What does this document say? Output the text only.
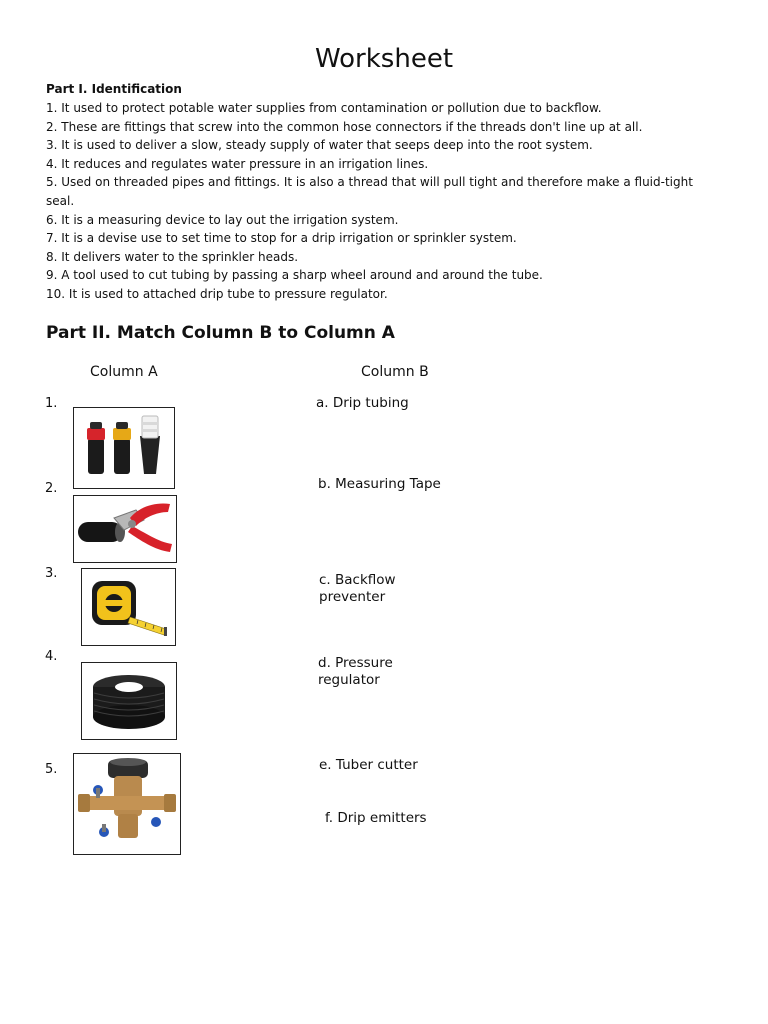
Worksheet
Part I. Identification
1. It used to protect potable water supplies from contamination or pollution due to backflow.
2. These are fittings that screw into the common hose connectors if the threads don't line up at all.
3. It is used to deliver a slow, steady supply of water that seeps deep into the root system.
4. It reduces and regulates water pressure in an irrigation lines.
5. Used on threaded pipes and fittings. It is also a thread that will pull tight and therefore make a fluid-tight seal.
6. It is a measuring device to lay out the irrigation system.
7. It is a devise use to set time to stop for a drip irrigation or sprinkler system.
8. It delivers water to the sprinkler heads.
9. A tool used to cut tubing by passing a sharp wheel around and around the tube.
10. It is used to attached drip tube to pressure regulator.
Part II. Match Column B to Column A
Column A	Column B
1.
2.
3.
4.
5.
a. Drip tubing
b. Measuring Tape
c. Backflow preventer
d. Pressure regulator
e. Tuber cutter
f. Drip emitters
